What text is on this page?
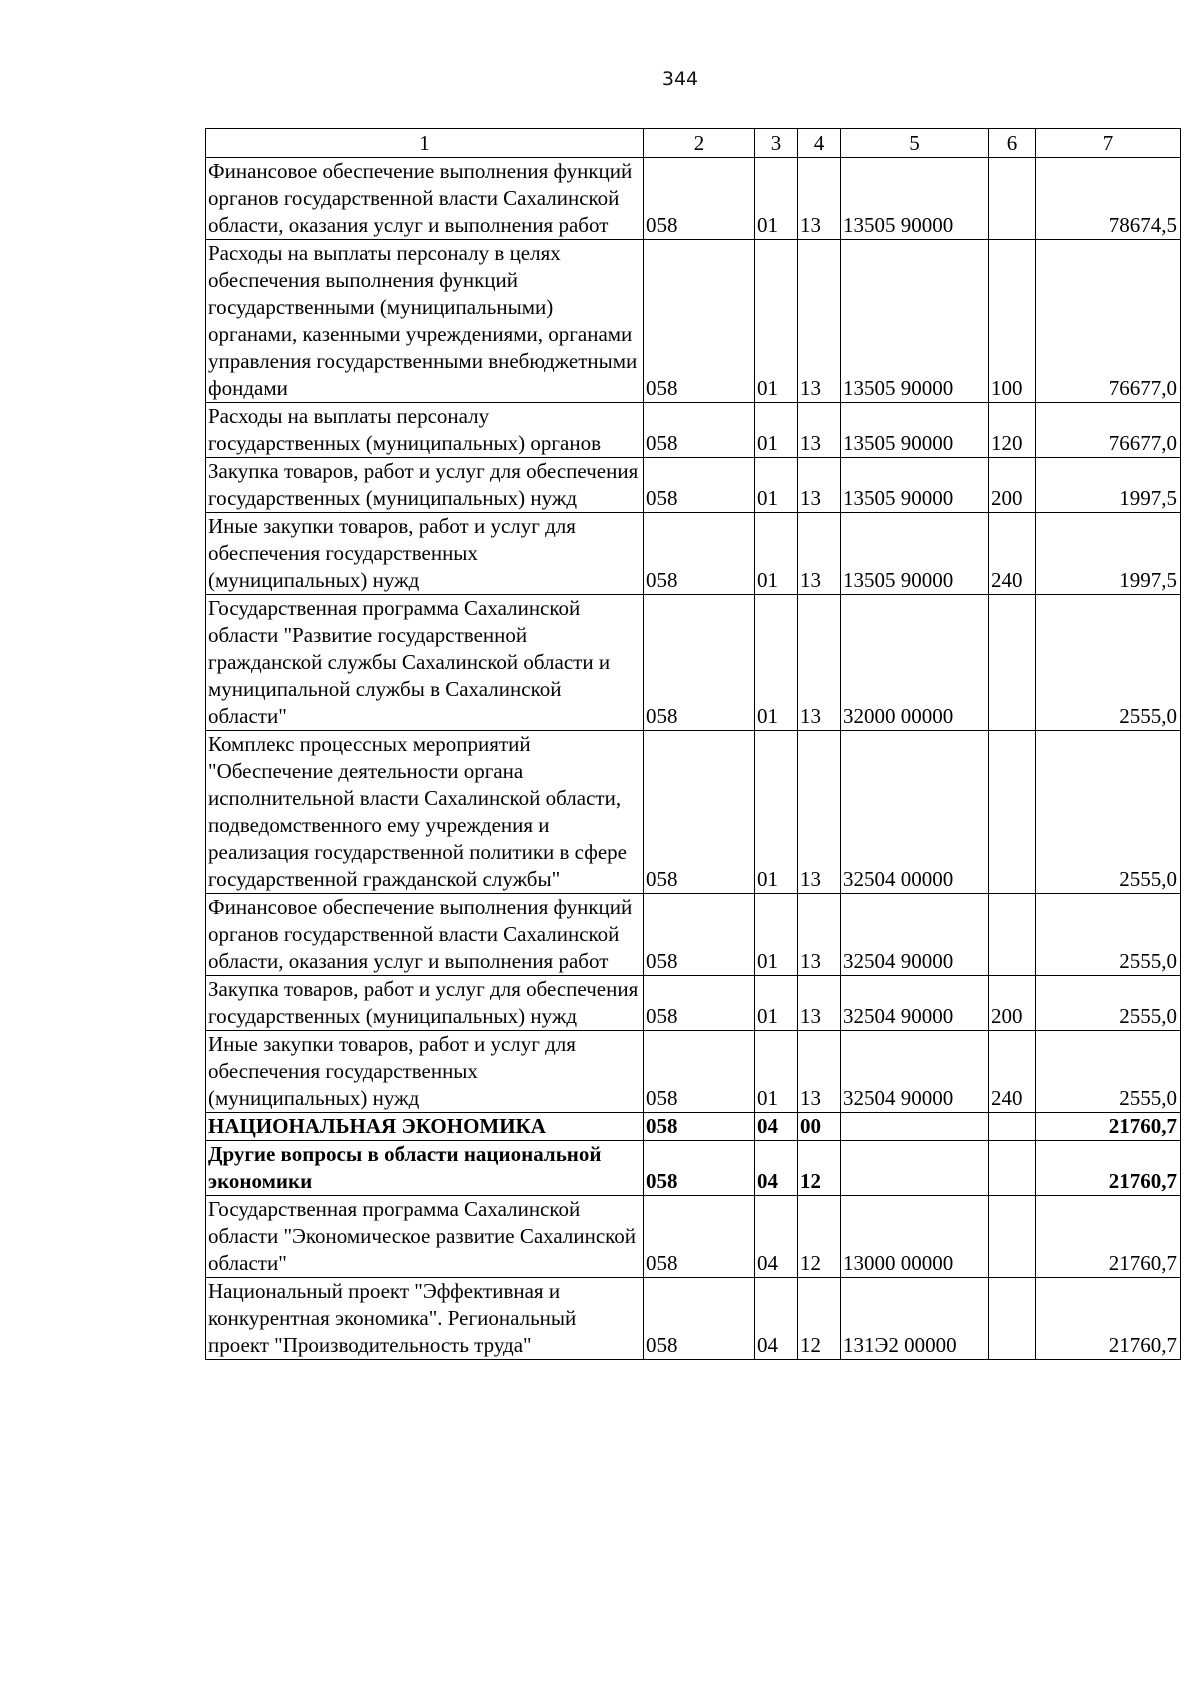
344
1	2	3	4	5	6	7
Финансовое обеспечение выполнения функций органов государственной власти Сахалинской области, оказания услуг и выполнения работ	058	01	13	13505 90000		78674,5
Расходы на выплаты персоналу в целях обеспечения выполнения функций государственными (муниципальными) органами, казенными учреждениями, органами управления государственными внебюджетными фондами	058	01	13	13505 90000	100	76677,0
Расходы на выплаты персоналу государственных (муниципальных) органов	058	01	13	13505 90000	120	76677,0
Закупка товаров, работ и услуг для обеспечения государственных (муниципальных) нужд	058	01	13	13505 90000	200	1997,5
Иные закупки товаров, работ и услуг для обеспечения государственных (муниципальных) нужд	058	01	13	13505 90000	240	1997,5
Государственная программа Сахалинской области "Развитие государственной гражданской службы Сахалинской области и муниципальной службы в Сахалинской области"	058	01	13	32000 00000		2555,0
Комплекс процессных мероприятий "Обеспечение деятельности органа исполнительной власти Сахалинской области, подведомственного ему учреждения и реализация государственной политики в сфере государственной гражданской службы"	058	01	13	32504 00000		2555,0
Финансовое обеспечение выполнения функций органов государственной власти Сахалинской области, оказания услуг и выполнения работ	058	01	13	32504 90000		2555,0
Закупка товаров, работ и услуг для обеспечения государственных (муниципальных) нужд	058	01	13	32504 90000	200	2555,0
Иные закупки товаров, работ и услуг для обеспечения государственных (муниципальных) нужд	058	01	13	32504 90000	240	2555,0
НАЦИОНАЛЬНАЯ ЭКОНОМИКА	058	04	00			21760,7
Другие вопросы в области национальной экономики	058	04	12			21760,7
Государственная программа Сахалинской области "Экономическое развитие Сахалинской области"	058	04	12	13000 00000		21760,7
Национальный проект "Эффективная и конкурентная экономика". Региональный проект "Производительность труда"	058	04	12	131Э2 00000		21760,7
